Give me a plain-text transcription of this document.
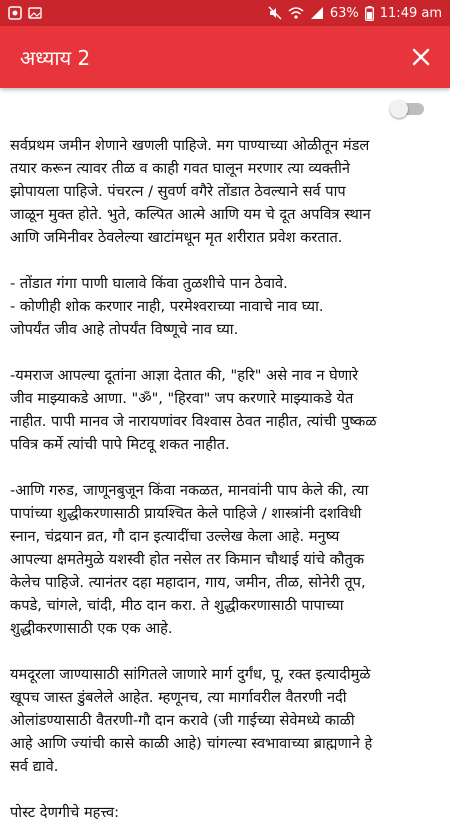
63% 11:49 am
अध्याय 2

सर्वप्रथम जमीन शेणाने खणली पाहिजे. मग पाण्याच्या ओळीतून मंडल
तयार करून त्यावर तीळ व काही गवत घालून मरणार त्या व्यक्तीने
झोपायला पाहिजे. पंचरत्न / सुवर्ण वगैरे तोंडात ठेवल्याने सर्व पाप
जाळून मुक्त होते. भुते, कल्पित आत्मे आणि यम चे दूत अपवित्र स्थान
आणि जमिनीवर ठेवलेल्या खाटांमधून मृत शरीरात प्रवेश करतात.

- तोंडात गंगा पाणी घालावे किंवा तुळशीचे पान ठेवावे.
- कोणीही शोक करणार नाही, परमेश्वराच्या नावाचे नाव घ्या.
जोपर्यंत जीव आहे तोपर्यंत विष्णूचे नाव घ्या.

-यमराज आपल्या दूतांना आज्ञा देतात की, "हरि" असे नाव न घेणारे
जीव माझ्याकडे आणा. "ॐ", "हिरवा" जप करणारे माझ्याकडे येत
नाहीत. पापी मानव जे नारायणांवर विश्वास ठेवत नाहीत, त्यांची पुष्कळ
पवित्र कर्मे त्यांची पापे मिटवू शकत नाहीत.

-आणि गरुड, जाणूनबुजून किंवा नकळत, मानवांनी पाप केले की, त्या
पापांच्या शुद्धीकरणासाठी प्रायश्चित केले पाहिजे / शास्त्रांनी दशविधी
स्नान, चंद्रयान व्रत, गौ दान इत्यादींचा उल्लेख केला आहे. मनुष्य
आपल्या क्षमतेमुळे यशस्वी होत नसेल तर किमान चौथाई यांचे कौतुक
केलेच पाहिजे. त्यानंतर दहा महादान, गाय, जमीन, तीळ, सोनेरी तूप,
कपडे, चांगले, चांदी, मीठ दान करा. ते शुद्धीकरणासाठी पापाच्या
शुद्धीकरणासाठी एक एक आहे.

यमदूरला जाण्यासाठी सांगितले जाणारे मार्ग दुर्गंध, पू, रक्त इत्यादीमुळे
खूपच जास्त डुंबलेले आहेत. म्हणूनच, त्या मार्गावरील वैतरणी नदी
ओलांडण्यासाठी वैतरणी-गौ दान करावे (जी गाईच्या सेवेमध्ये काळी
आहे आणि ज्यांची कासे काळी आहे) चांगल्या स्वभावाच्या ब्राह्मणाने हे
सर्व द्यावे.

पोस्ट देणगीचे महत्त्व:
